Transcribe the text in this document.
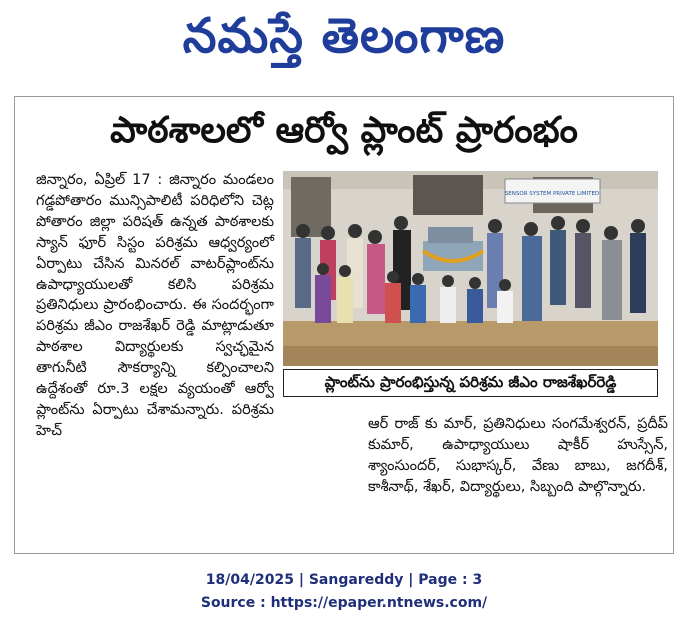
నమస్తే తెలంగాణ
పాఠశాలలో ఆర్వో ప్లాంట్ ప్రారంభం
జిన్నారం, ఏప్రిల్ 17 : జిన్నారం మండలం గడ్డపోతారం మున్సిపాలిటీ పరిధిలోని చెట్ల పోతారం జిల్లా పరిషత్ ఉన్నత పాఠశాలకు స్యాన్ ఫూర్ సిస్టం పరిశ్రమ ఆధ్వర్యంలో ఏర్పాటు చేసిన మినరల్ వాటర్‌ప్లాంట్‌ను ఉపాధ్యాయులతో కలిసి పరిశ్రమ ప్రతినిధులు ప్రారంభించారు. ఈ సందర్భంగా పరిశ్రమ జీఎం రాజశేఖర్ రెడ్డి మాట్లాడుతూ పాఠశాల విద్యార్థులకు స్వచ్ఛమైన తాగునీటి సౌకర్యాన్ని కల్పించాలని ఉద్దేశంతో రూ.3 లక్షల వ్యయంతో ఆర్వో ప్లాంట్‌ను ఏర్పాటు చేశామన్నారు. పరిశ్రమ హెచ్
SENSOR SYSTEM PRIVATE LIMITED
ప్లాంట్‌ను ప్రారంభిస్తున్న పరిశ్రమ జీఎం రాజశేఖర్‌రెడ్డి
ఆర్ రాజ్ కు మార్, ప్రతినిధులు సంగమేశ్వరన్, ప్రదీప్ కుమార్, ఉపాధ్యాయులు షాకీర్ హుస్సేన్, శ్యాంసుందర్, సుభాస్కర్, వేణు బాబు, జగదీశ్, కాశీనాథ్, శేఖర్, విద్యార్థులు, సిబ్బంది పాల్గొన్నారు.
18/04/2025 | Sangareddy | Page : 3
Source : https://epaper.ntnews.com/
